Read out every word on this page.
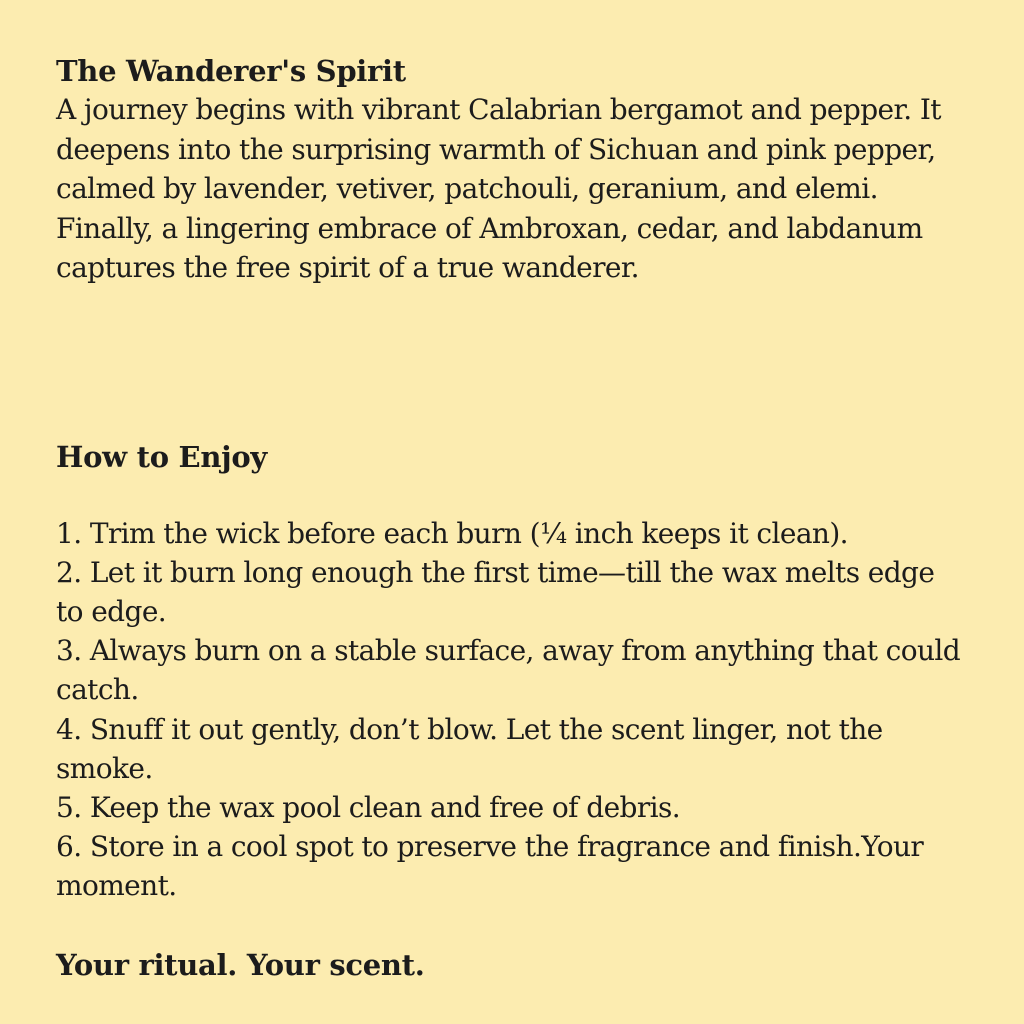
The Wanderer's Spirit

A journey begins with vibrant Calabrian bergamot and pepper. It deepens into the surprising warmth of Sichuan and pink pepper, calmed by lavender, vetiver, patchouli, geranium, and elemi. Finally, a lingering embrace of Ambroxan, cedar, and labdanum captures the free spirit of a true wanderer.

How to Enjoy
1. Trim the wick before each burn (¼ inch keeps it clean).
2. Let it burn long enough the first time—till the wax melts edge to edge.
3. Always burn on a stable surface, away from anything that could catch.
4. Snuff it out gently, don’t blow. Let the scent linger, not the smoke.
5. Keep the wax pool clean and free of debris.
6. Store in a cool spot to preserve the fragrance and finish.Your moment.
Your ritual. Your scent.
